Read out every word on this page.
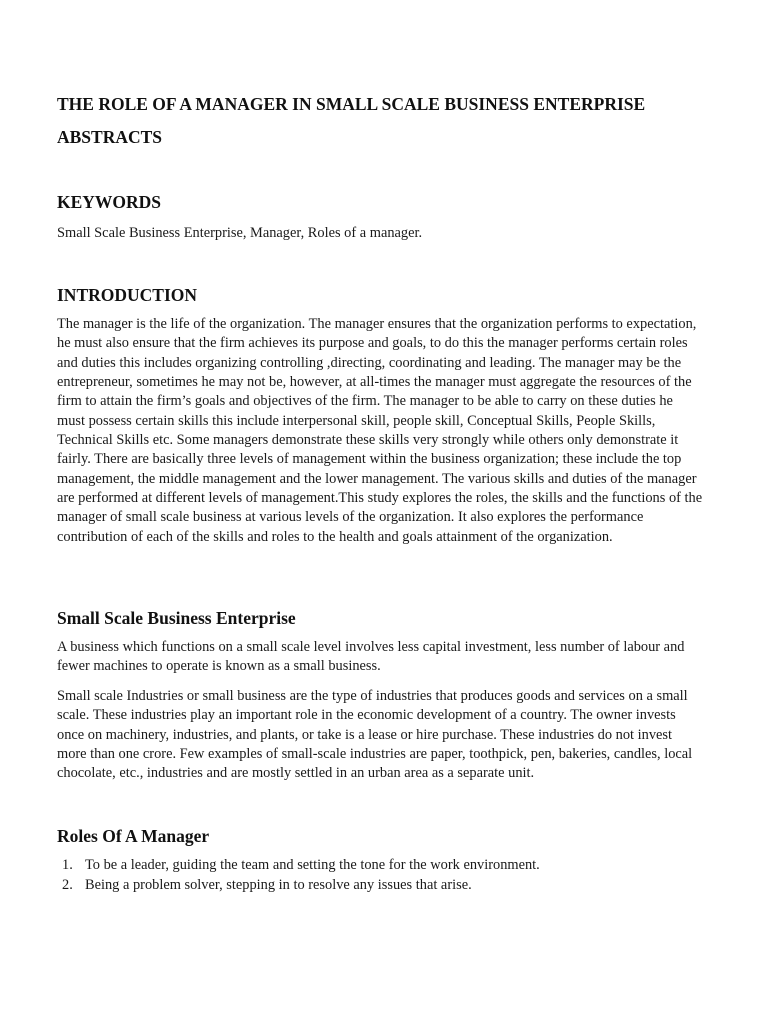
THE ROLE OF A MANAGER IN SMALL SCALE BUSINESS ENTERPRISE
ABSTRACTS
KEYWORDS

Small Scale Business Enterprise, Manager, Roles of a manager.

INTRODUCTION

The manager is the life of the organization. The manager ensures that the organization performs to expectation, he must also ensure that the firm achieves its purpose and goals, to do this the manager performs certain roles and duties this includes organizing controlling ,directing, coordinating and leading. The manager may be the entrepreneur, sometimes he may not be, however, at all-times the manager must aggregate the resources of the firm to attain the firm’s goals and objectives of the firm. The manager to be able to carry on these duties he must possess certain skills this include interpersonal skill, people skill, Conceptual Skills, People Skills, Technical Skills etc. Some managers demonstrate these skills very strongly while others only demonstrate it fairly. There are basically three levels of management within the business organization; these include the top management, the middle management and the lower management. The various skills and duties of the manager are performed at different levels of management.This study explores the roles, the skills and the functions of the manager of small scale business at various levels of the organization. It also explores the performance contribution of each of the skills and roles to the health and goals attainment of the organization.

Small Scale Business Enterprise

A business which functions on a small scale level involves less capital investment, less number of labour and fewer machines to operate is known as a small business.

Small scale Industries or small business are the type of industries that produces goods and services on a small scale. These industries play an important role in the economic development of a country. The owner invests once on machinery, industries, and plants, or take is a lease or hire purchase. These industries do not invest more than one crore. Few examples of small-scale industries are paper, toothpick, pen, bakeries, candles, local chocolate, etc., industries and are mostly settled in an urban area as a separate unit.

Roles Of A Manager
1. To be a leader, guiding the team and setting the tone for the work environment.
2. Being a problem solver, stepping in to resolve any issues that arise.
